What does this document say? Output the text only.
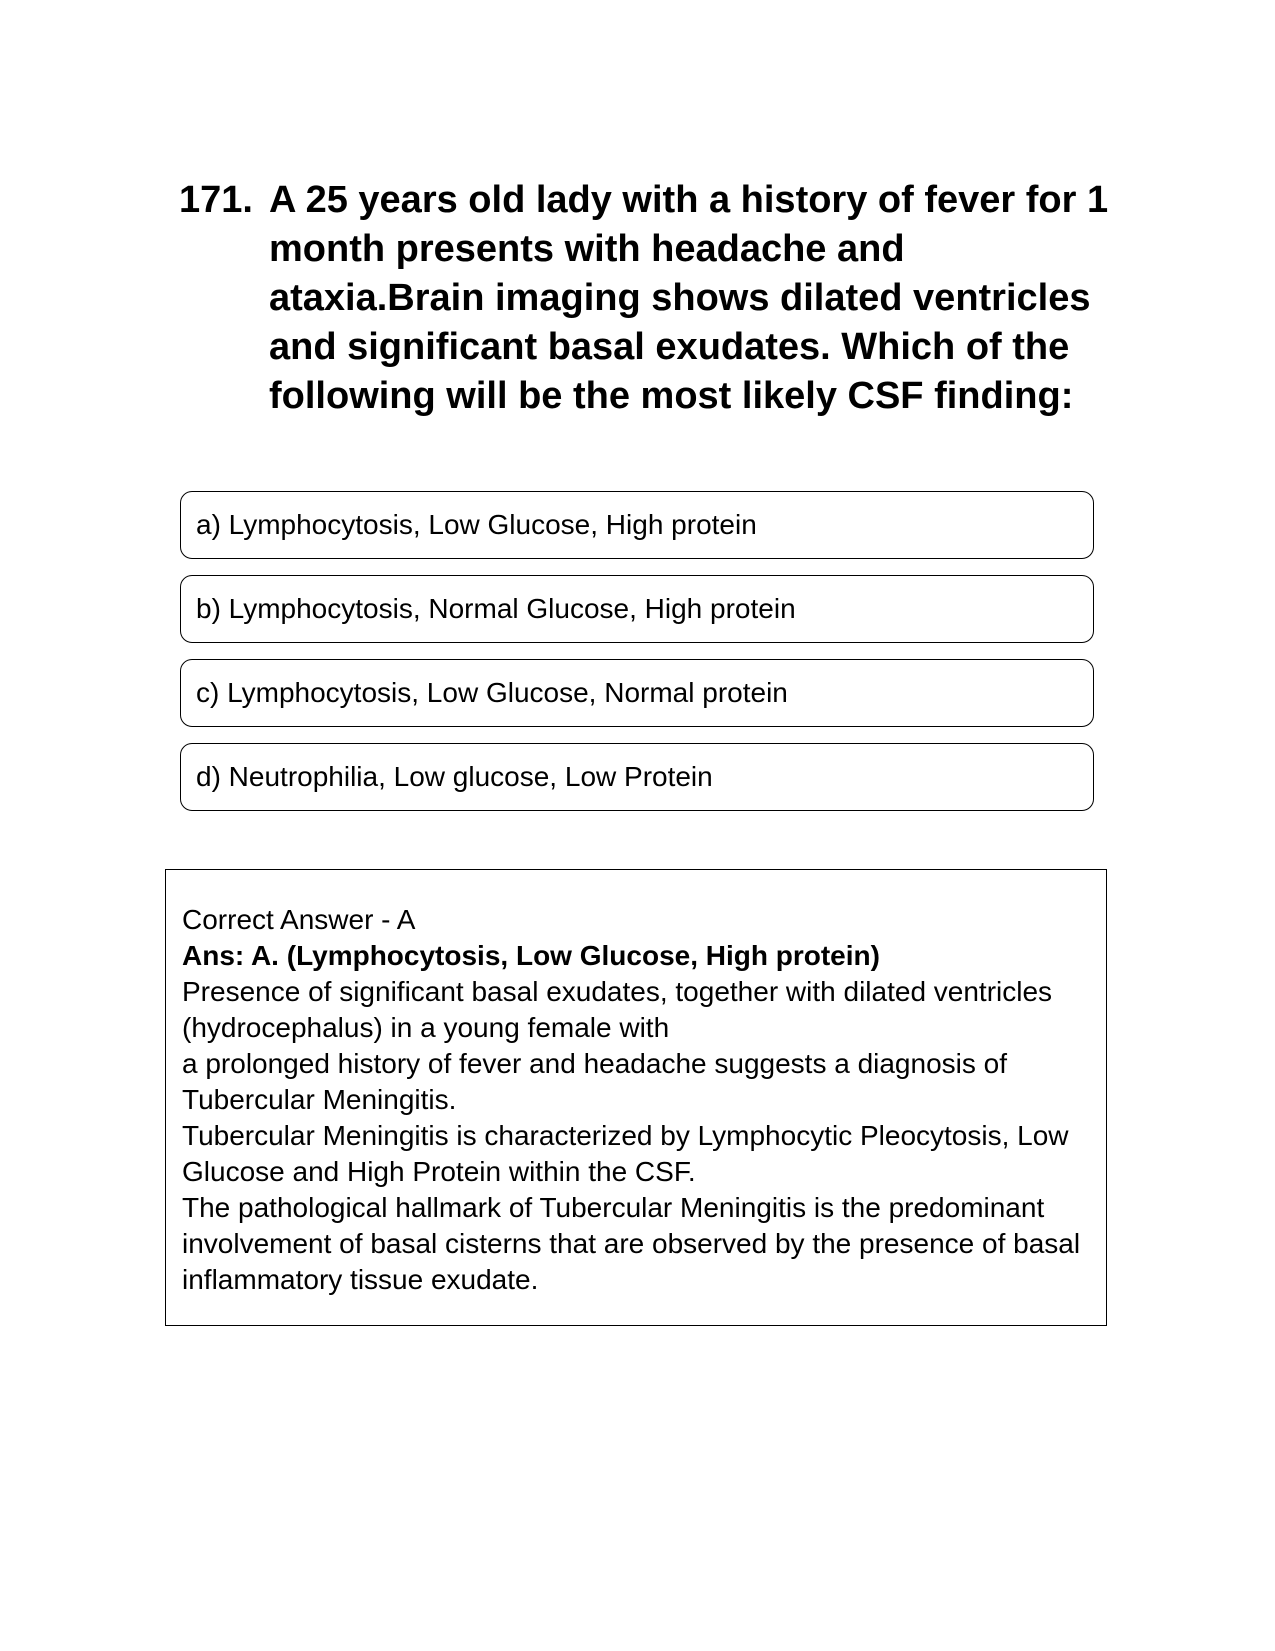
171. A 25 years old lady with a history of fever for 1 month presents with headache and ataxia.Brain imaging shows dilated ventricles and significant basal exudates. Which of the following will be the most likely CSF finding:
a) Lymphocytosis, Low Glucose, High protein
b) Lymphocytosis, Normal Glucose, High protein
c) Lymphocytosis, Low Glucose, Normal protein
d) Neutrophilia, Low glucose, Low Protein
Correct Answer - A
Ans: A. (Lymphocytosis, Low Glucose, High protein)
Presence of significant basal exudates, together with dilated ventricles (hydrocephalus) in a young female with
a prolonged history of fever and headache suggests a diagnosis of Tubercular Meningitis.
Tubercular Meningitis is characterized by Lymphocytic Pleocytosis, Low Glucose and High Protein within the CSF.
The pathological hallmark of Tubercular Meningitis is the predominant involvement of basal cisterns that are observed by the presence of basal inflammatory tissue exudate.
